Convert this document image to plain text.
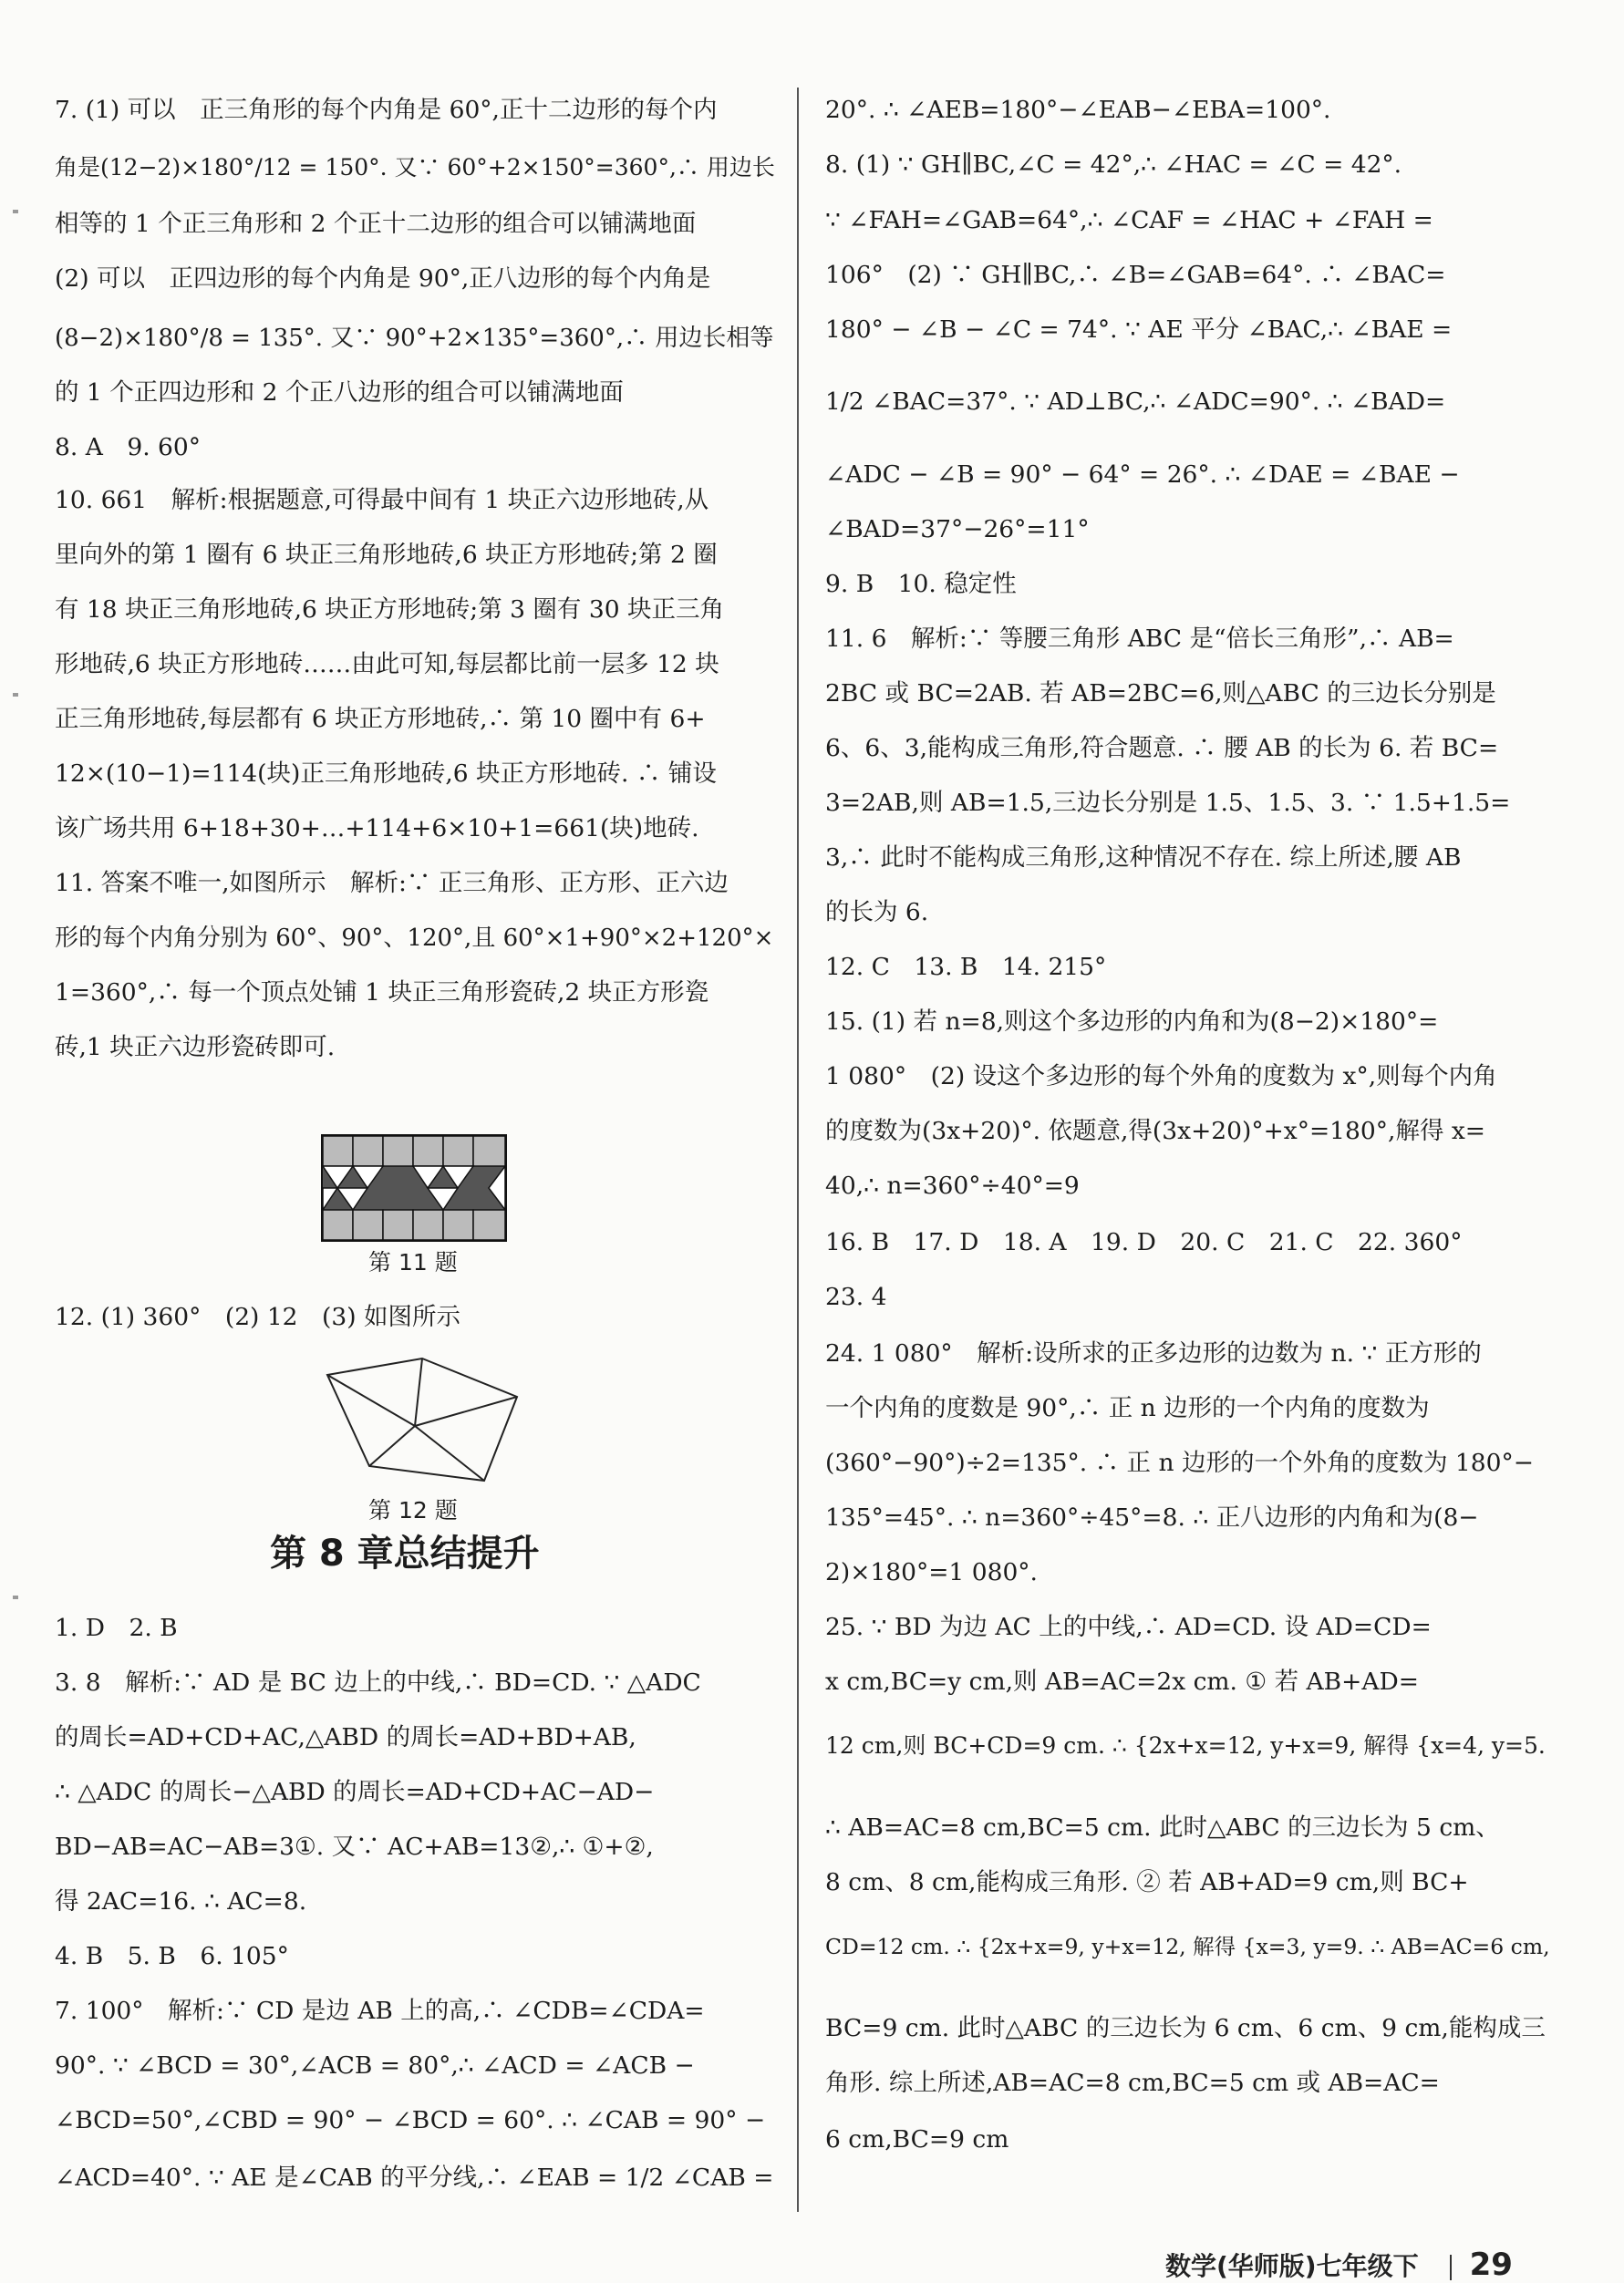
7. (1) 可以　正三角形的每个内角是 60°,正十二边形的每个内
角是(12−2)×180°/12 = 150°. 又∵ 60°+2×150°=360°,∴ 用边长
相等的 1 个正三角形和 2 个正十二边形的组合可以铺满地面
(2) 可以　正四边形的每个内角是 90°,正八边形的每个内角是
(8−2)×180°/8 = 135°. 又∵ 90°+2×135°=360°,∴ 用边长相等
的 1 个正四边形和 2 个正八边形的组合可以铺满地面
8. A　9. 60°
10. 661　解析:根据题意,可得最中间有 1 块正六边形地砖,从
里向外的第 1 圈有 6 块正三角形地砖,6 块正方形地砖;第 2 圈
有 18 块正三角形地砖,6 块正方形地砖;第 3 圈有 30 块正三角
形地砖,6 块正方形地砖……由此可知,每层都比前一层多 12 块
正三角形地砖,每层都有 6 块正方形地砖,∴ 第 10 圈中有 6+
12×(10−1)=114(块)正三角形地砖,6 块正方形地砖. ∴ 铺设
该广场共用 6+18+30+…+114+6×10+1=661(块)地砖.
11. 答案不唯一,如图所示　解析:∵ 正三角形、正方形、正六边
形的每个内角分别为 60°、90°、120°,且 60°×1+90°×2+120°×
1=360°,∴ 每一个顶点处铺 1 块正三角形瓷砖,2 块正方形瓷
砖,1 块正六边形瓷砖即可.
第 11 题
12. (1) 360°　(2) 12　(3) 如图所示
第 12 题
第 8 章总结提升
1. D　2. B
3. 8　解析:∵ AD 是 BC 边上的中线,∴ BD=CD. ∵ △ADC
的周长=AD+CD+AC,△ABD 的周长=AD+BD+AB,
∴ △ADC 的周长−△ABD 的周长=AD+CD+AC−AD−
BD−AB=AC−AB=3①. 又∵ AC+AB=13②,∴ ①+②,
得 2AC=16. ∴ AC=8.
4. B　5. B　6. 105°
7. 100°　解析:∵ CD 是边 AB 上的高,∴ ∠CDB=∠CDA=
90°. ∵ ∠BCD = 30°,∠ACB = 80°,∴ ∠ACD = ∠ACB −
∠BCD=50°,∠CBD = 90° − ∠BCD = 60°. ∴ ∠CAB = 90° −
∠ACD=40°. ∵ AE 是∠CAB 的平分线,∴ ∠EAB = 1/2 ∠CAB =
20°. ∴ ∠AEB=180°−∠EAB−∠EBA=100°.
8. (1) ∵ GH∥BC,∠C = 42°,∴ ∠HAC = ∠C = 42°.
∵ ∠FAH=∠GAB=64°,∴ ∠CAF = ∠HAC + ∠FAH =
106°　(2) ∵ GH∥BC,∴ ∠B=∠GAB=64°. ∴ ∠BAC=
180° − ∠B − ∠C = 74°. ∵ AE 平分 ∠BAC,∴ ∠BAE =
1/2 ∠BAC=37°. ∵ AD⊥BC,∴ ∠ADC=90°. ∴ ∠BAD=
∠ADC − ∠B = 90° − 64° = 26°. ∴ ∠DAE = ∠BAE −
∠BAD=37°−26°=11°
9. B　10. 稳定性
11. 6　解析:∵ 等腰三角形 ABC 是“倍长三角形”,∴ AB=
2BC 或 BC=2AB. 若 AB=2BC=6,则△ABC 的三边长分别是
6、6、3,能构成三角形,符合题意. ∴ 腰 AB 的长为 6. 若 BC=
3=2AB,则 AB=1.5,三边长分别是 1.5、1.5、3. ∵ 1.5+1.5=
3,∴ 此时不能构成三角形,这种情况不存在. 综上所述,腰 AB
的长为 6.
12. C　13. B　14. 215°
15. (1) 若 n=8,则这个多边形的内角和为(8−2)×180°=
1 080°　(2) 设这个多边形的每个外角的度数为 x°,则每个内角
的度数为(3x+20)°. 依题意,得(3x+20)°+x°=180°,解得 x=
40,∴ n=360°÷40°=9
16. B　17. D　18. A　19. D　20. C　21. C　22. 360°
23. 4
24. 1 080°　解析:设所求的正多边形的边数为 n. ∵ 正方形的
一个内角的度数是 90°,∴ 正 n 边形的一个内角的度数为
(360°−90°)÷2=135°. ∴ 正 n 边形的一个外角的度数为 180°−
135°=45°. ∴ n=360°÷45°=8. ∴ 正八边形的内角和为(8−
2)×180°=1 080°.
25. ∵ BD 为边 AC 上的中线,∴ AD=CD. 设 AD=CD=
x cm,BC=y cm,则 AB=AC=2x cm. ① 若 AB+AD=
12 cm,则 BC+CD=9 cm. ∴ {2x+x=12, y+x=9, 解得 {x=4, y=5.
∴ AB=AC=8 cm,BC=5 cm. 此时△ABC 的三边长为 5 cm、
8 cm、8 cm,能构成三角形. ② 若 AB+AD=9 cm,则 BC+
CD=12 cm. ∴ {2x+x=9, y+x=12, 解得 {x=3, y=9. ∴ AB=AC=6 cm,
BC=9 cm. 此时△ABC 的三边长为 6 cm、6 cm、9 cm,能构成三
角形. 综上所述,AB=AC=8 cm,BC=5 cm 或 AB=AC=
6 cm,BC=9 cm
数学(华师版)七年级下 29
